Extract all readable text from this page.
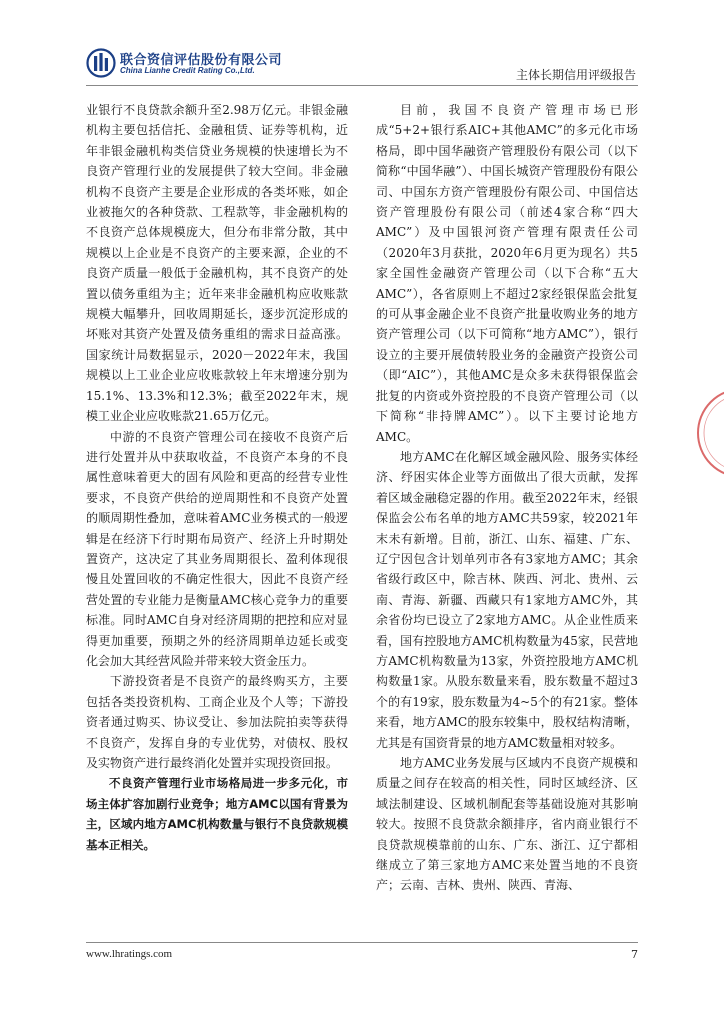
联合资信评估股份有限公司
China Lianhe Credit Rating Co.,Ltd.	主体长期信用评级报告

业银行不良贷款余额升至2.98万亿元。非银金融机构主要包括信托、金融租赁、证券等机构，近年非银金融机构类信贷业务规模的快速增长为不良资产管理行业的发展提供了较大空间。非金融机构不良资产主要是企业形成的各类坏账，如企业被拖欠的各种贷款、工程款等，非金融机构的不良资产总体规模庞大，但分布非常分散，其中规模以上企业是不良资产的主要来源，企业的不良资产质量一般低于金融机构，其不良资产的处置以债务重组为主；近年来非金融机构应收账款规模大幅攀升，回收周期延长，逐步沉淀形成的坏账对其资产处置及债务重组的需求日益高涨。国家统计局数据显示，2020－2022年末，我国规模以上工业企业应收账款较上年末增速分别为15.1%、13.3%和12.3%；截至2022年末，规模工业企业应收账款21.65万亿元。

中游的不良资产管理公司在接收不良资产后进行处置并从中获取收益，不良资产本身的不良属性意味着更大的固有风险和更高的经营专业性要求，不良资产供给的逆周期性和不良资产处置的顺周期性叠加，意味着AMC业务模式的一般逻辑是在经济下行时期布局资产、经济上升时期处置资产，这决定了其业务周期很长、盈利体现很慢且处置回收的不确定性很大，因此不良资产经营处置的专业能力是衡量AMC核心竞争力的重要标准。同时AMC自身对经济周期的把控和应对显得更加重要，预期之外的经济周期单边延长或变化会加大其经营风险并带来较大资金压力。

下游投资者是不良资产的最终购买方，主要包括各类投资机构、工商企业及个人等；下游投资者通过购买、协议受让、参加法院拍卖等获得不良资产，发挥自身的专业优势，对债权、股权及实物资产进行最终消化处置并实现投资回报。

不良资产管理行业市场格局进一步多元化，市场主体扩容加剧行业竞争；地方AMC以国有背景为主，区域内地方AMC机构数量与银行不良贷款规模基本正相关。

目前，我国不良资产管理市场已形成“5+2+银行系AIC+其他AMC”的多元化市场格局，即中国华融资产管理股份有限公司（以下简称“中国华融”）、中国长城资产管理股份有限公司、中国东方资产管理股份有限公司、中国信达资产管理股份有限公司（前述4家合称“四大AMC”）及中国银河资产管理有限责任公司（2020年3月获批，2020年6月更为现名）共5家全国性金融资产管理公司（以下合称“五大AMC”），各省原则上不超过2家经银保监会批复的可从事金融企业不良资产批量收购业务的地方资产管理公司（以下可简称“地方AMC”），银行设立的主要开展债转股业务的金融资产投资公司（即“AIC”），其他AMC是众多未获得银保监会批复的内资或外资控股的不良资产管理公司（以下简称“非持牌AMC”）。以下主要讨论地方AMC。

地方AMC在化解区域金融风险、服务实体经济、纾困实体企业等方面做出了很大贡献，发挥着区域金融稳定器的作用。截至2022年末，经银保监会公布名单的地方AMC共59家，较2021年末未有新增。目前，浙江、山东、福建、广东、辽宁因包含计划单列市各有3家地方AMC；其余省级行政区中，除吉林、陕西、河北、贵州、云南、青海、新疆、西藏只有1家地方AMC外，其余省份均已设立了2家地方AMC。从企业性质来看，国有控股地方AMC机构数量为45家，民营地方AMC机构数量为13家，外资控股地方AMC机构数量1家。从股东数量来看，股东数量不超过3个的有19家，股东数量为4~5个的有21家。整体来看，地方AMC的股东较集中，股权结构清晰，尤其是有国资背景的地方AMC数量相对较多。

地方AMC业务发展与区域内不良资产规模和质量之间存在较高的相关性，同时区域经济、区域法制建设、区域机制配套等基础设施对其影响较大。按照不良贷款余额排序，省内商业银行不良贷款规模靠前的山东、广东、浙江、辽宁都相继成立了第三家地方AMC来处置当地的不良资产；云南、吉林、贵州、陕西、青海、

www.lhratings.com	7
